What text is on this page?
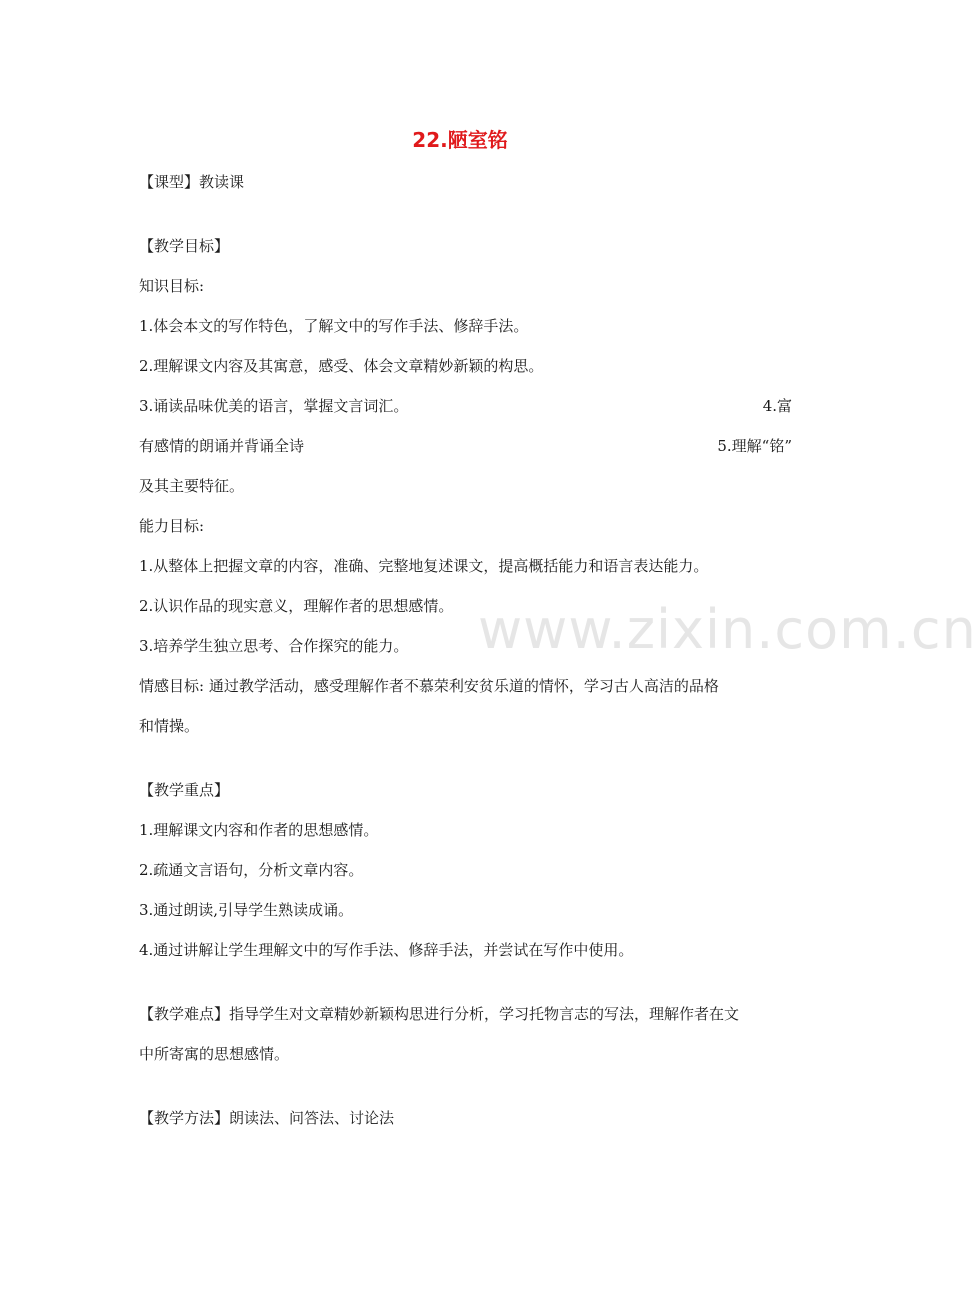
www.zixin.com.cn
22.陋室铭
【课型】教读课
【教学目标】
知识目标:
1.体会本文的写作特色，了解文中的写作手法、修辞手法。
2.理解课文内容及其寓意，感受、体会文章精妙新颖的构思。
3.诵读品味优美的语言，掌握文言词汇。	4.富
有感情的朗诵并背诵全诗	5.理解“铭”
及其主要特征。
能力目标:
1.从整体上把握文章的内容，准确、完整地复述课文，提高概括能力和语言表达能力。
2.认识作品的现实意义，理解作者的思想感情。
3.培养学生独立思考、合作探究的能力。
情感目标: 通过教学活动，感受理解作者不慕荣利安贫乐道的情怀，学习古人高洁的品格
和情操。
【教学重点】
1.理解课文内容和作者的思想感情。
2.疏通文言语句，分析文章内容。
3.通过朗读,引导学生熟读成诵。
4.通过讲解让学生理解文中的写作手法、修辞手法，并尝试在写作中使用。
【教学难点】指导学生对文章精妙新颖构思进行分析，学习托物言志的写法，理解作者在文
中所寄寓的思想感情。
【教学方法】朗读法、问答法、讨论法
